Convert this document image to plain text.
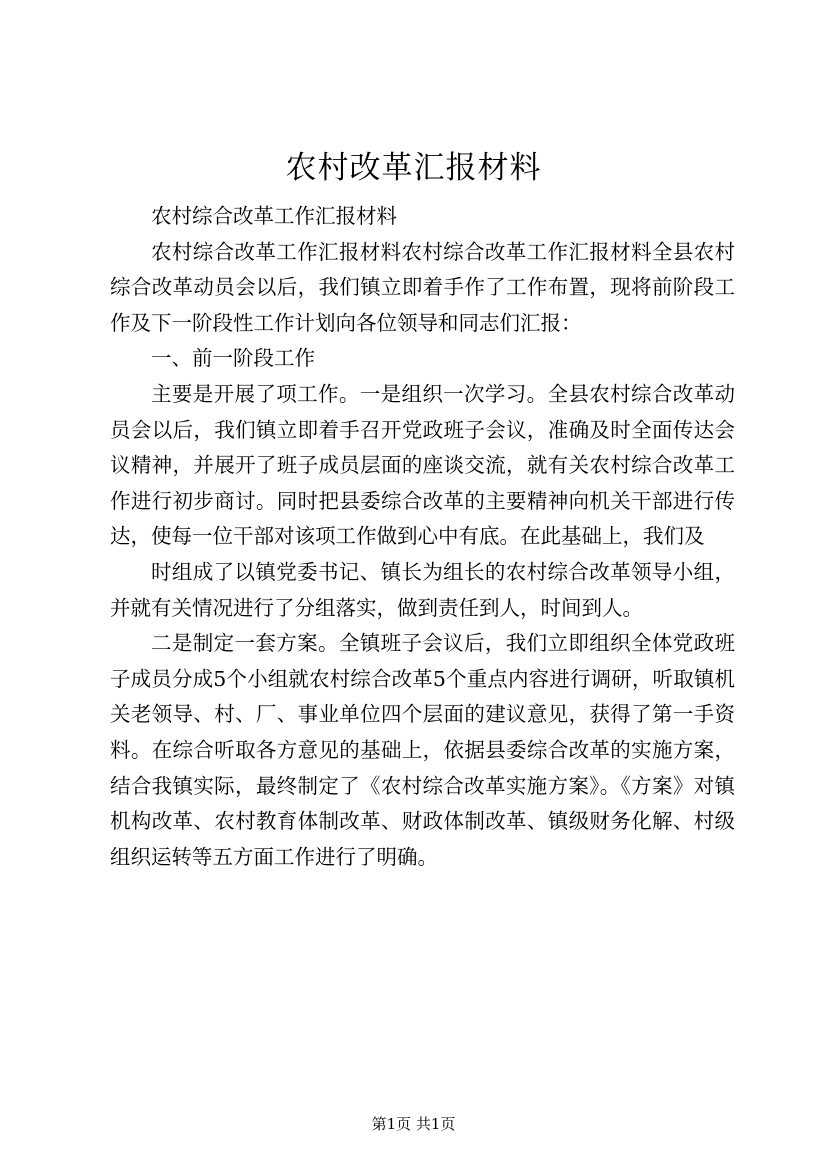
农村改革汇报材料

农村综合改革工作汇报材料

农村综合改革工作汇报材料农村综合改革工作汇报材料全县农村综合改革动员会以后，我们镇立即着手作了工作布置，现将前阶段工作及下一阶段性工作计划向各位领导和同志们汇报：

一、前一阶段工作

主要是开展了项工作。一是组织一次学习。全县农村综合改革动员会以后，我们镇立即着手召开党政班子会议，准确及时全面传达会议精神，并展开了班子成员层面的座谈交流，就有关农村综合改革工作进行初步商讨。同时把县委综合改革的主要精神向机关干部进行传达，使每一位干部对该项工作做到心中有底。在此基础上，我们及

时组成了以镇党委书记、镇长为组长的农村综合改革领导小组，并就有关情况进行了分组落实，做到责任到人，时间到人。

二是制定一套方案。全镇班子会议后，我们立即组织全体党政班子成员分成5个小组就农村综合改革5个重点内容进行调研，听取镇机关老领导、村、厂、事业单位四个层面的建议意见，获得了第一手资料。在综合听取各方意见的基础上，依据县委综合改革的实施方案，结合我镇实际，最终制定了《农村综合改革实施方案》。《方案》对镇机构改革、农村教育体制改革、财政体制改革、镇级财务化解、村级组织运转等五方面工作进行了明确。

第1页 共1页
